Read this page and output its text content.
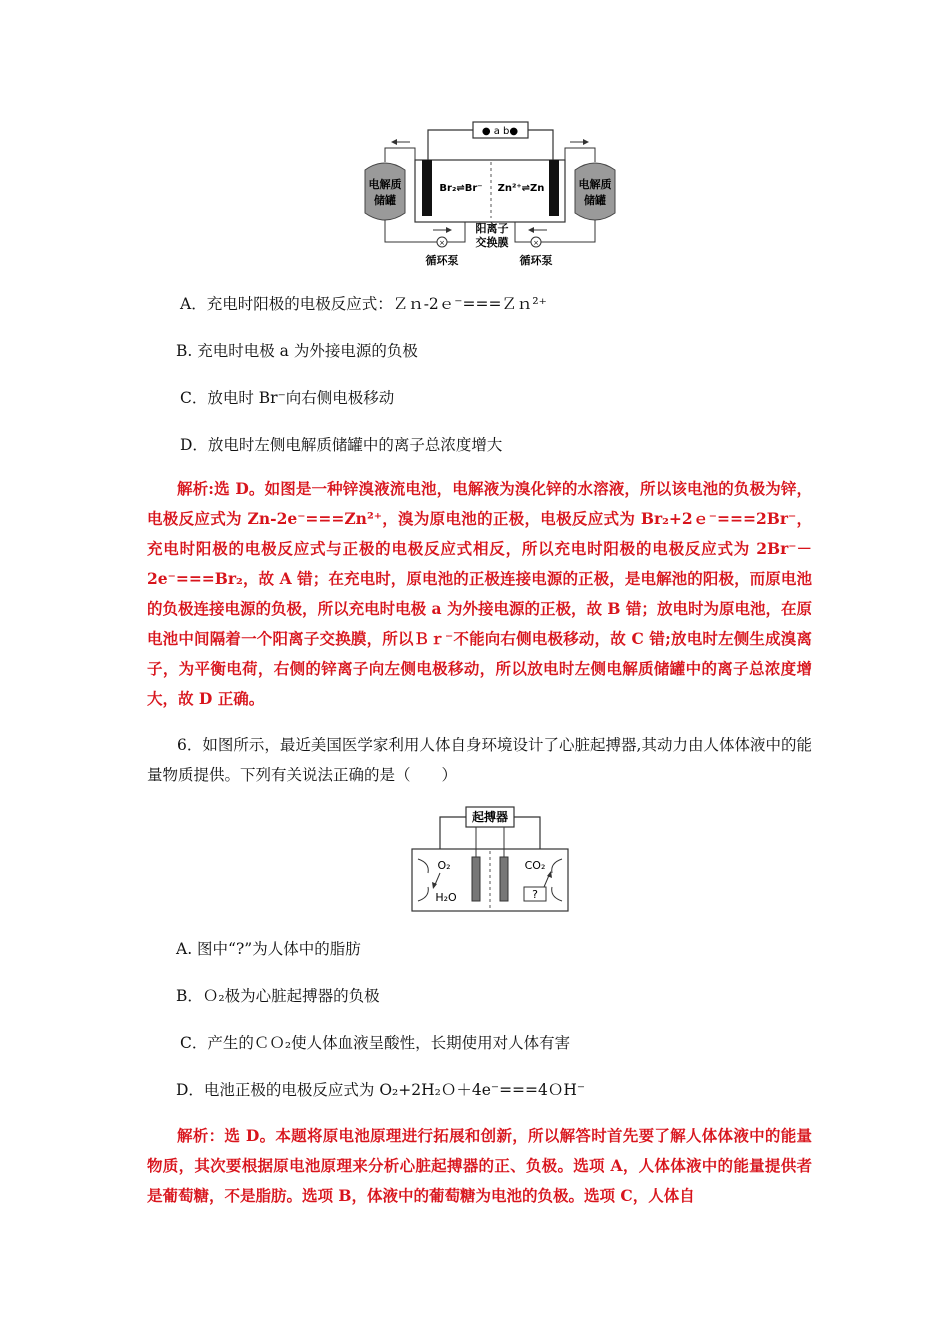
● a b●
Br₂⇌Br⁻ Zn²⁺⇌Zn
电解质
储罐
电解质
储罐
×	×
循环泵	循环泵
阳离子
交换膜
A．充电时阳极的电极反应式：Ｚｎ-2ｅ⁻===Ｚｎ²⁺
B. 充电时电极 a 为外接电源的负极
C．放电时 Br⁻向右侧电极移动
D．放电时左侧电解质储罐中的离子总浓度增大
解析:选 D。如图是一种锌溴液流电池，电解液为溴化锌的水溶液，所以该电池的负极为锌，电极反应式为 Zn-2e⁻===Zn²⁺，溴为原电池的正极，电极反应式为 Br₂+2ｅ⁻===2Br⁻，充电时阳极的电极反应式与正极的电极反应式相反，所以充电时阳极的电极反应式为 2Br⁻－2e⁻===Br₂，故 A 错；在充电时，原电池的正极连接电源的正极，是电解池的阳极，而原电池的负极连接电源的负极，所以充电时电极 a 为外接电源的正极，故 B 错；放电时为原电池，在原电池中间隔着一个阳离子交换膜，所以Ｂｒ⁻不能向右侧电极移动，故 C 错;放电时左侧生成溴离子，为平衡电荷，右侧的锌离子向左侧电极移动，所以放电时左侧电解质储罐中的离子总浓度增大，故 D 正确。
6．如图所示，最近美国医学家利用人体自身环境设计了心脏起搏器,其动力由人体体液中的能量物质提供。下列有关说法正确的是（　　）
起搏器
O₂
H₂O
CO₂
?
A. 图中“?”为人体中的脂肪
B．Ｏ₂极为心脏起搏器的负极
C．产生的ＣＯ₂使人体血液呈酸性，长期使用对人体有害
D．电池正极的电极反应式为 O₂+2H₂Ｏ＋4e⁻===4ＯH⁻
解析：选 D。本题将原电池原理进行拓展和创新，所以解答时首先要了解人体体液中的能量物质，其次要根据原电池原理来分析心脏起搏器的正、负极。选项 A，人体体液中的能量提供者是葡萄糖，不是脂肪。选项 B，体液中的葡萄糖为电池的负极。选项 C，人体自
